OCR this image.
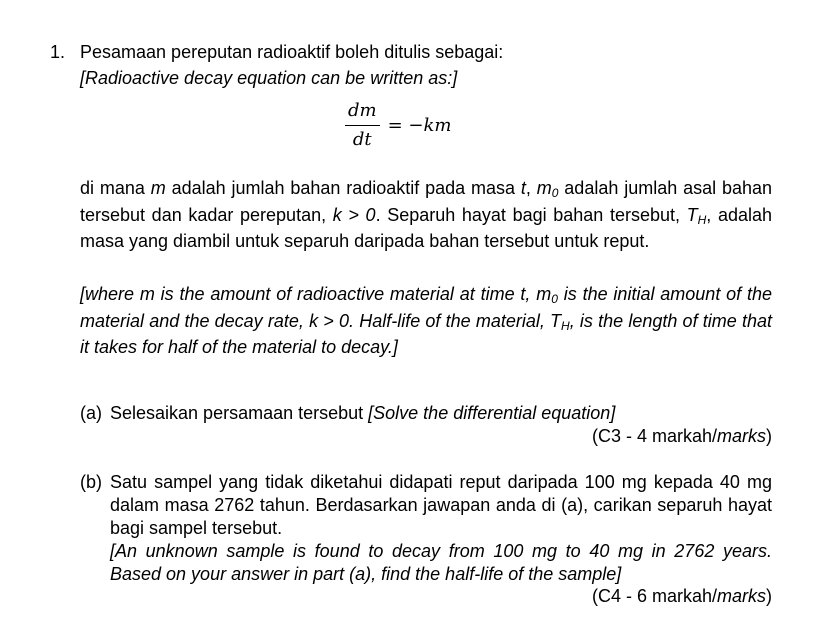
1. Pesamaan pereputan radioaktif boleh ditulis sebagai:
[Radioactive decay equation can be written as:]
$\frac{dm}{dt} = -km$
di mana m adalah jumlah bahan radioaktif pada masa t, $m_0$ adalah jumlah asal bahan tersebut dan kadar pereputan, k > 0. Separuh hayat bagi bahan tersebut, $T_H$, adalah masa yang diambil untuk separuh daripada bahan tersebut untuk reput.
[where m is the amount of radioactive material at time t, $m_0$ is the initial amount of the material and the decay rate, k > 0. Half-life of the material, $T_H$, is the length of time that it takes for half of the material to decay.]
(a) Selesaikan persamaan tersebut [Solve the differential equation]
(C3 - 4 markah/marks)
(b) Satu sampel yang tidak diketahui didapati reput daripada 100 mg kepada 40 mg dalam masa 2762 tahun. Berdasarkan jawapan anda di (a), carikan separuh hayat bagi sampel tersebut.
[An unknown sample is found to decay from 100 mg to 40 mg in 2762 years. Based on your answer in part (a), find the half-life of the sample]
(C4 - 6 markah/marks)
